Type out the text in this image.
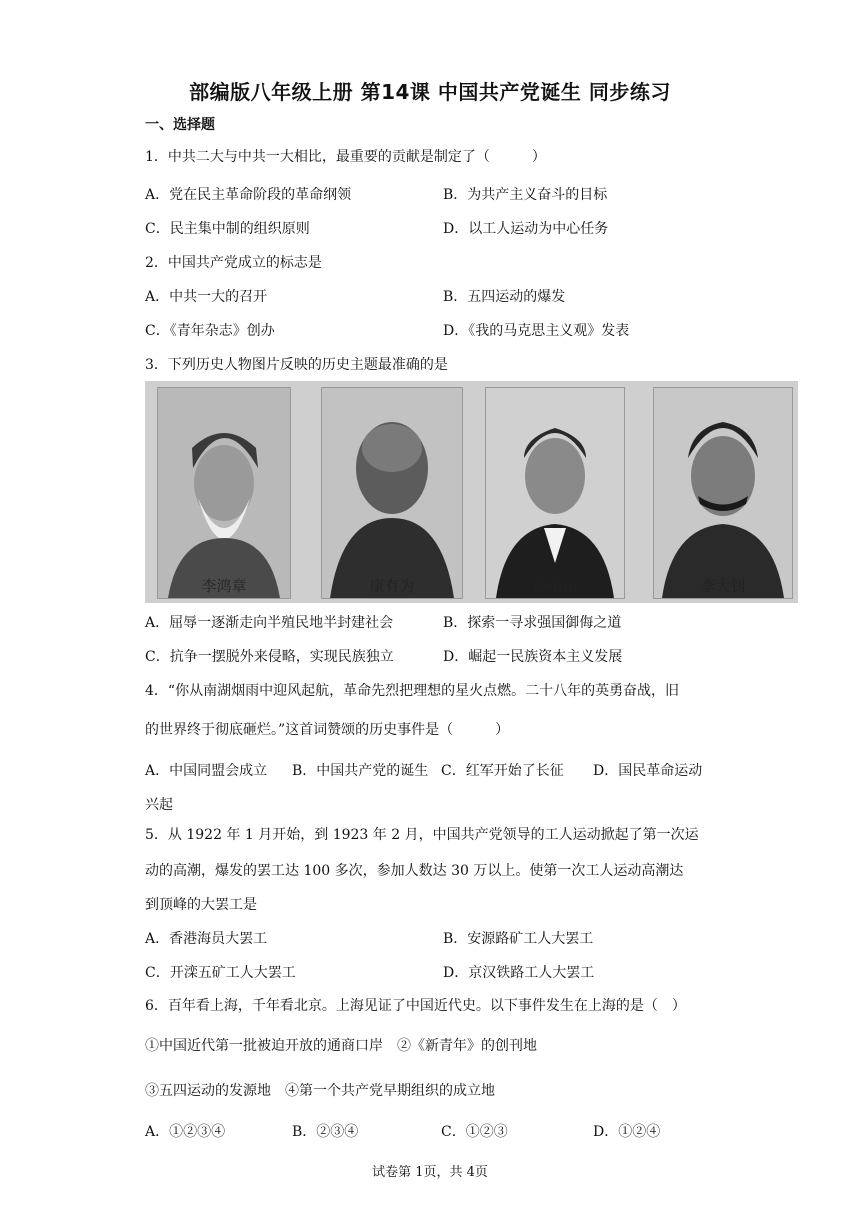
部编版八年级上册 第14课 中国共产党诞生 同步练习
一、选择题
1．中共二大与中共一大相比，最重要的贡献是制定了（　　　）
A．党在民主革命阶段的革命纲领	B．为共产主义奋斗的目标
C．民主集中制的组织原则	D．以工人运动为中心任务
2．中国共产党成立的标志是
A．中共一大的召开	B．五四运动的爆发
C．《青年杂志》创办	D．《我的马克思主义观》发表
3．下列历史人物图片反映的历史主题最准确的是
李鸿章	康有为	孙中山	李大钊
A．屈辱一逐渐走向半殖民地半封建社会	B．探索一寻求强国御侮之道
C．抗争一摆脱外来侵略，实现民族独立	D．崛起一民族资本主义发展
4．“你从南湖烟雨中迎风起航，革命先烈把理想的星火点燃。二十八年的英勇奋战，旧
的世界终于彻底砸烂。”这首词赞颂的历史事件是（　　　）
A．中国同盟会成立 B．中国共产党的诞生 C．红军开始了长征 D．国民革命运动
兴起
5．从 1922 年 1 月开始，到 1923 年 2 月，中国共产党领导的工人运动掀起了第一次运
动的高潮，爆发的罢工达 100 多次，参加人数达 30 万以上。使第一次工人运动高潮达
到顶峰的大罢工是
A．香港海员大罢工	B．安源路矿工人大罢工
C．开滦五矿工人大罢工	D．京汉铁路工人大罢工
6．百年看上海，千年看北京。上海见证了中国近代史。以下事件发生在上海的是（　）
①中国近代第一批被迫开放的通商口岸　②《新青年》的创刊地
③五四运动的发源地　④第一个共产党早期组织的成立地
A．①②③④	B．②③④	C．①②③	D．①②④
试卷第 1页，共 4页
